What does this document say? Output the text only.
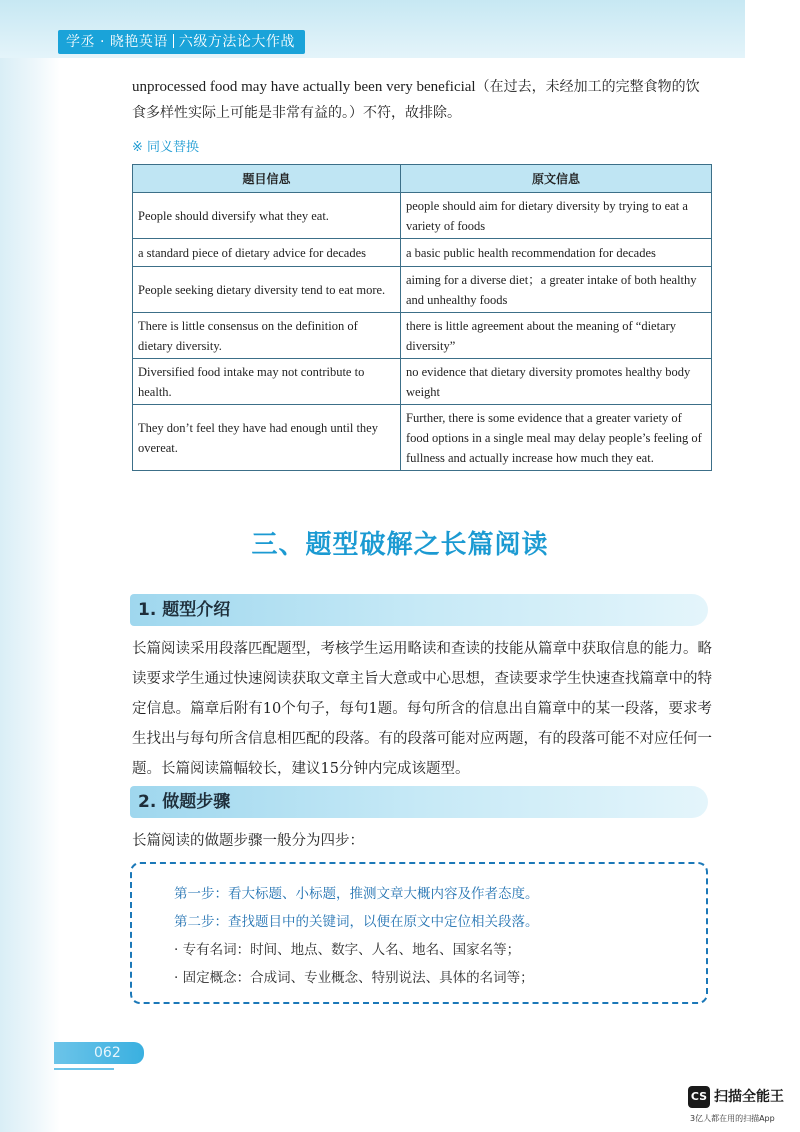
学丞 · 晓艳英语 六级方法论大作战
unprocessed food may have actually been very beneficial（在过去，未经加工的完整食物的饮
食多样性实际上可能是非常有益的。）不符，故排除。
※ 同义替换
题目信息	原文信息
People should diversify what they eat.	people should aim for dietary diversity by trying to eat a variety of foods
a standard piece of dietary advice for decades	a basic public health recommendation for decades
People seeking dietary diversity tend to eat more.	aiming for a diverse diet；a greater intake of both healthy and unhealthy foods
There is little consensus on the definition of dietary diversity.	there is little agreement about the meaning of “dietary diversity”
Diversified food intake may not contribute to health.	no evidence that dietary diversity promotes healthy body weight
They don’t feel they have had enough until they overeat.	Further, there is some evidence that a greater variety of food options in a single meal may delay people’s feeling of fullness and actually increase how much they eat.
三、题型破解之长篇阅读
1. 题型介绍
长篇阅读采用段落匹配题型，考核学生运用略读和查读的技能从篇章中获取信息的能力。略读要求学生通过快速阅读获取文章主旨大意或中心思想，查读要求学生快速查找篇章中的特定信息。篇章后附有10个句子，每句1题。每句所含的信息出自篇章中的某一段落，要求考生找出与每句所含信息相匹配的段落。有的段落可能对应两题，有的段落可能不对应任何一题。长篇阅读篇幅较长，建议15分钟内完成该题型。
2. 做题步骤
长篇阅读的做题步骤一般分为四步：

第一步：看大标题、小标题，推测文章大概内容及作者态度。

第二步：查找题目中的关键词，以便在原文中定位相关段落。

· 专有名词：时间、地点、数字、人名、地名、国家名等；

· 固定概念：合成词、专业概念、特别说法、具体的名词等；

062
CS 扫描全能王
3亿人都在用的扫描App
